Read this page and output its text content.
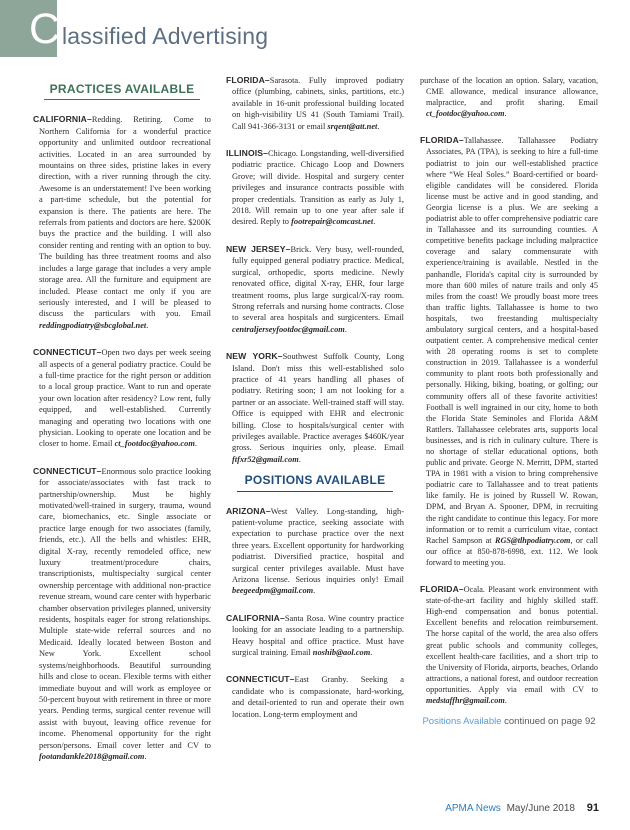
C lassified Advertising
PRACTICES AVAILABLE

CALIFORNIA–Redding. Retiring. Come to Northern California for a wonderful practice opportunity and unlimited outdoor recreational activities. Located in an area surrounded by mountains on three sides, pristine lakes in every direction, with a river running through the city. Awesome is an understatement! I've been working a part-time schedule, but the potential for expansion is there. The patients are here. The referrals from patients and doctors are here. $200K buys the practice and the building. I will also consider renting and renting with an option to buy. The building has three treatment rooms and also includes a large garage that includes a very ample storage area. All the furniture and equipment are included. Please contact me only if you are seriously interested, and I will be pleased to discuss the particulars with you. Email reddingpodiatry@sbcglobal.net.

CONNECTICUT–Open two days per week seeing all aspects of a general podiatry practice. Could be a full-time practice for the right person or addition to a local group practice. Want to run and operate your own location after residency? Low rent, fully equipped, and well-established. Currently managing and operating two locations with one physician. Looking to operate one location and be closer to home. Email ct_footdoc@yahoo.com.

CONNECTICUT–Enormous solo practice looking for associate/associates with fast track to partnership/ownership. Must be highly motivated/well-trained in surgery, trauma, wound care, biomechanics, etc. Single associate or practice large enough for two associates (family, friends, etc.). All the bells and whistles: EHR, digital X-ray, recently remodeled office, new luxury treatment/procedure chairs, transcriptionists, multispecialty surgical center ownership percentage with additional non-practice revenue stream, wound care center with hyperbaric chamber observation privileges planned, university residents, hospitals eager for strong relationships. Multiple state-wide referral sources and no Medicaid. Ideally located between Boston and New York. Excellent school systems/neighborhoods. Beautiful surrounding hills and close to ocean. Flexible terms with either immediate buyout and will work as employee or 50-percent buyout with retirement in three or more years. Pending terms, surgical center revenue will assist with buyout, leaving office revenue for income. Phenomenal opportunity for the right person/persons. Email cover letter and CV to footandankle2018@gmail.com.

FLORIDA–Sarasota. Fully improved podiatry office (plumbing, cabinets, sinks, partitions, etc.) available in 16-unit professional building located on high-visibility US 41 (South Tamiami Trail). Call 941-366-3131 or email srqent@att.net.

ILLINOIS–Chicago. Longstanding, well-diversified podiatric practice. Chicago Loop and Downers Grove; will divide. Hospital and surgery center privileges and insurance contracts possible with proper credentials. Transition as early as July 1, 2018. Will remain up to one year after sale if desired. Reply to footrepair@comcast.net.

NEW JERSEY–Brick. Very busy, well-rounded, fully equipped general podiatry practice. Medical, surgical, orthopedic, sports medicine. Newly renovated office, digital X-ray, EHR, four large treatment rooms, plus large surgical/X-ray room. Strong referrals and nursing home contracts. Close to several area hospitals and surgicenters. Email centraljerseyfootdoc@gmail.com.

NEW YORK–Southwest Suffolk County, Long Island. Don't miss this well-established solo practice of 41 years handling all phases of podiatry. Retiring soon; I am not looking for a partner or an associate. Well-trained staff will stay. Office is equipped with EHR and electronic billing. Close to hospitals/surgical center with privileges available. Practice averages $460K/year gross. Serious inquiries only, please. Email ftfxr52@gmail.com.

POSITIONS AVAILABLE

ARIZONA–West Valley. Long-standing, high-patient-volume practice, seeking associate with expectation to purchase practice over the next three years. Excellent opportunity for hardworking podiatrist. Diversified practice, hospital and surgical center privileges available. Must have Arizona license. Serious inquiries only! Email beegeedpm@gmail.com.

CALIFORNIA–Santa Rosa. Wine country practice looking for an associate leading to a partnership. Heavy hospital and office practice. Must have surgical training. Email noshib@aol.com.

CONNECTICUT–East Granby. Seeking a candidate who is compassionate, hard-working, and detail-oriented to run and operate their own location. Long-term employment and

purchase of the location an option. Salary, vacation, CME allowance, medical insurance allowance, malpractice, and profit sharing. Email ct_footdoc@yahoo.com.

FLORIDA–Tallahassee. Tallahassee Podiatry Associates, PA (TPA), is seeking to hire a full-time podiatrist to join our well-established practice where “We Heal Soles.” Board-certified or board-eligible candidates will be considered. Florida license must be active and in good standing, and Georgia license is a plus. We are seeking a podiatrist able to offer comprehensive podiatric care in Tallahassee and its surrounding counties. A competitive benefits package including malpractice coverage and salary commensurate with experience/training is available. Nestled in the panhandle, Florida's capital city is surrounded by more than 600 miles of nature trails and only 45 miles from the coast! We proudly boast more trees than traffic lights. Tallahassee is home to two hospitals, two freestanding multispecialty ambulatory surgical centers, and a hospital-based outpatient center. A comprehensive medical center with 28 operating rooms is set to complete construction in 2019. Tallahassee is a wonderful community to plant roots both professionally and personally. Hiking, biking, boating, or golfing; our community offers all of these favorite activities! Football is well ingrained in our city, home to both the Florida State Seminoles and Florida A&M Rattlers. Tallahassee celebrates arts, supports local businesses, and is rich in culinary culture. There is no shortage of stellar educational options, both public and private. George N. Merritt, DPM, started TPA in 1981 with a vision to bring comprehensive podiatric care to Tallahassee and to treat patients like family. He is joined by Russell W. Rowan, DPM, and Bryan A. Spooner, DPM, in recruiting the right candidate to continue this legacy. For more information or to remit a curriculum vitae, contact Rachel Sampson at RGS@tlhpodiatry.com, or call our office at 850-878-6998, ext. 112. We look forward to meeting you.

FLORIDA–Ocala. Pleasant work environment with state-of-the-art facility and highly skilled staff. High-end compensation and bonus potential. Excellent benefits and relocation reimbursement. The horse capital of the world, the area also offers great public schools and community colleges, excellent health-care facilities, and a short trip to the University of Florida, airports, beaches, Orlando attractions, a national forest, and outdoor recreation opportunities. Apply via email with CV to medstaffhr@gmail.com.

Positions Available continued on page 92
APMA News May/June 2018 91
